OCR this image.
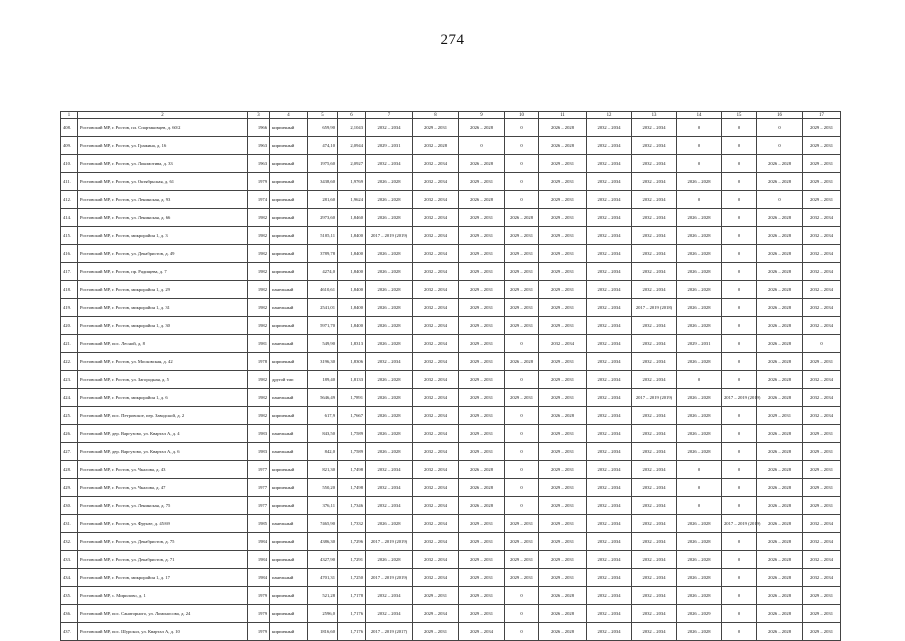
274
1	2	3	4	5	6	7	8	9	10	11	12	13	14	15	16	17
408.	Ростовский МР, г. Ростов, пл. Спартаковцев, д. 60/2	1966	кирпичный	659,90	2,1043	2032 – 2034	2029 – 2031	2026 – 2028	0	2026 – 2028	2032 – 2034	2032 – 2034	0	0	0	2029 – 2031
409.	Ростовский МР, г. Ростов, ул. Гражина, д. 16	1963	кирпичный	474,10	2,0944	2029 – 2031	2032 – 2028	0	0	2026 – 2028	2032 – 2034	2032 – 2034	0	0	0	2029 – 2031
410.	Ростовский МР, г. Ростов, ул. Локомотива, д. 33	1963	кирпичный	1975,60	2,0927	2032 – 2034	2032 – 2034	2026 – 2028	0	2029 – 2031	2032 – 2034	2032 – 2034	0	0	2026 – 2028	2029 – 2031
411.	Ростовский МР, г. Ростов, ул. Октябрьская, д. 61	1979	кирпичный	3438,60	1,9769	2026 – 2028	2032 – 2034	2029 – 2031	0	2029 – 2031	2032 – 2034	2032 – 2034	2026 – 2028	0	2026 – 2028	2029 – 2031
412.	Ростовский МР, г. Ростов, ул. Ленинская, д. 93	1974	кирпичный	281,60	1,9624	2026 – 2028	2032 – 2034	2026 – 2028	0	2029 – 2031	2032 – 2034	2032 – 2034	0	0	0	2029 – 2031
414.	Ростовский МР, г. Ростов, ул. Ленинская, д. 66	1982	кирпичный	2973,60	1,8460	2026 – 2028	2032 – 2034	2029 – 2031	2026 – 2028	2029 – 2031	2032 – 2034	2032 – 2034	2026 – 2028	0	2026 – 2028	2032 – 2034
415.	Ростовский МР, г. Ростов, микрорайон 1, д. 3	1982	кирпичный	5105,11	1,8400	2017 – 2019 (2019)	2032 – 2034	2029 – 2031	2029 – 2031	2029 – 2031	2032 – 2034	2032 – 2034	2026 – 2028	0	2026 – 2028	2032 – 2034
416.	Ростовский МР, г. Ростов, ул. Декабристов, д. 49	1982	кирпичный	3789,78	1,8400	2026 – 2028	2032 – 2034	2029 – 2031	2029 – 2031	2029 – 2031	2032 – 2034	2032 – 2034	2026 – 2028	0	2026 – 2028	2032 – 2034
417.	Ростовский МР, г. Ростов, пр. Радищева, д. 7	1982	кирпичный	4274,0	1,8400	2026 – 2028	2032 – 2034	2029 – 2031	2029 – 2031	2029 – 2031	2032 – 2034	2032 – 2034	2026 – 2028	0	2026 – 2028	2032 – 2034
418.	Ростовский МР, г. Ростов, микрорайон 1, д. 29	1982	панельный	4610,61	1,8400	2026 – 2028	2032 – 2034	2029 – 2031	2029 – 2031	2029 – 2031	2032 – 2034	2032 – 2034	2026 – 2028	0	2026 – 2028	2032 – 2034
419.	Ростовский МР, г. Ростов, микрорайон 1, д. 31	1982	панельный	2541,01	1,8400	2026 – 2028	2032 – 2034	2029 – 2031	2029 – 2031	2029 – 2031	2032 – 2034	2017 – 2019 (2018)	2026 – 2028	0	2026 – 2028	2032 – 2034
420.	Ростовский МР, г. Ростов, микрорайон 1, д. 30	1982	кирпичный	5971,70	1,8400	2026 – 2028	2032 – 2034	2029 – 2031	2029 – 2031	2029 – 2031	2032 – 2034	2032 – 2034	2026 – 2028	0	2026 – 2028	2032 – 2034
421.	Ростовский МР, пос. Лесной, д. 8	1981	панельный	549,90	1,8313	2026 – 2028	2032 – 2034	2029 – 2031	0	2032 – 2034	2032 – 2034	2032 – 2034	2029 – 2031	0	2026 – 2028	0
422.	Ростовский МР, г. Ростов, ул. Московская, д. 42	1978	кирпичный	3196,30	1,8306	2032 – 2034	2032 – 2034	2029 – 2031	2026 – 2028	2029 – 2031	2032 – 2034	2032 – 2034	2026 – 2028	0	2026 – 2028	2029 – 2031
423.	Ростовский МР, г. Ростов, ул. Загородная, д. 5	1982	другой тип	189,40	1,8133	2026 – 2028	2032 – 2034	2029 – 2031	0	2029 – 2031	2032 – 2034	2032 – 2034	0	0	2026 – 2028	2032 – 2034
424.	Ростовский МР, г. Ростов, микрорайон 1, д. 6	1982	панельный	5646,49	1,7891	2026 – 2028	2032 – 2034	2029 – 2031	2029 – 2031	2029 – 2031	2032 – 2034	2017 – 2019 (2019)	2026 – 2028	2017 – 2019 (2019)	2026 – 2028	2032 – 2034
425.	Ростовский МР, пос. Петровское, пер. Заводской, д. 2	1982	кирпичный	617,9	1,7667	2026 – 2028	2032 – 2034	2029 – 2031	0	2026 – 2028	2032 – 2034	2032 – 2034	2026 – 2028	0	2029 – 2031	2032 – 2034
426.	Ростовский МР, дер. Варгузово, ул. Квартал А, д. 4	1983	панельный	843,50	1,7589	2026 – 2028	2032 – 2034	2029 – 2031	0	2029 – 2031	2032 – 2034	2032 – 2034	2026 – 2028	0	2026 – 2028	2029 – 2031
427.	Ростовский МР, дер. Варгузово, ул. Квартал А, д. 6	1983	панельный	842,0	1,7589	2026 – 2028	2032 – 2034	2029 – 2031	0	2029 – 2031	2032 – 2034	2032 – 2034	2026 – 2028	0	2026 – 2028	2029 – 2031
428.	Ростовский МР, г. Ростов, ул. Чкалова, д. 43	1977	кирпичный	821,30	1,7498	2032 – 2034	2032 – 2034	2026 – 2028	0	2029 – 2031	2032 – 2034	2032 – 2034	0	0	2026 – 2028	2029 – 2031
429.	Ростовский МР, г. Ростов, ул. Чкалова, д. 47	1977	кирпичный	550,20	1,7498	2032 – 2034	2032 – 2034	2026 – 2028	0	2029 – 2031	2032 – 2034	2032 – 2034	0	0	2026 – 2028	2029 – 2031
430.	Ростовский МР, г. Ростов, ул. Ленинская, д. 75	1977	кирпичный	376,11	1,7346	2032 – 2034	2032 – 2034	2026 – 2028	0	2029 – 2031	2032 – 2034	2032 – 2034	0	0	2026 – 2028	2029 – 2031
431.	Ростовский МР, г. Ростов, ул. Фрунзе, д. 45/69	1985	панельный	7465,90	1,7332	2026 – 2028	2032 – 2034	2029 – 2031	2029 – 2031	2029 – 2031	2032 – 2034	2032 – 2034	2026 – 2028	2017 – 2019 (2019)	2026 – 2028	2032 – 2034
432.	Ростовский МР, г. Ростов, ул. Декабристов, д. 75	1984	кирпичный	4386,30	1,7296	2017 – 2019 (2019)	2032 – 2034	2029 – 2031	2029 – 2031	2029 – 2031	2032 – 2034	2032 – 2034	2026 – 2028	0	2026 – 2028	2032 – 2034
433.	Ростовский МР, г. Ростов, ул. Декабристов, д. 71	1984	кирпичный	4327,90	1,7291	2026 – 2028	2032 – 2034	2029 – 2031	2029 – 2031	2029 – 2031	2032 – 2034	2032 – 2034	2026 – 2028	0	2026 – 2028	2032 – 2034
434.	Ростовский МР, г. Ростов, микрорайон 1, д. 17	1984	панельный	4701,31	1,7250	2017 – 2019 (2019)	2032 – 2034	2029 – 2031	2029 – 2031	2029 – 2031	2032 – 2034	2032 – 2034	2026 – 2028	0	2026 – 2028	2032 – 2034
435.	Ростовский МР, с. Мирилово, д. 1	1979	кирпичный	521,28	1,7178	2032 – 2034	2029 – 2031	2029 – 2031	0	2026 – 2028	2032 – 2034	2032 – 2034	2026 – 2028	0	2026 – 2028	2029 – 2031
436.	Ростовский МР, пос. Санаторного, ул. Ломоносова, д. 24	1979	кирпичный	2596,0	1,7176	2032 – 2034	2029 – 2034	2029 – 2031	0	2026 – 2028	2032 – 2034	2032 – 2034	2026 – 2029	0	2026 – 2028	2029 – 2031
437.	Ростовский МР, пос. Шурскол, ул. Квартал А, д. 10	1979	кирпичный	1816,60	1,7176	2017 – 2019 (2017)	2029 – 2031	2029 – 2034	0	2026 – 2028	2032 – 2034	2032 – 2034	2026 – 2028	0	2026 – 2028	2029 – 2031
